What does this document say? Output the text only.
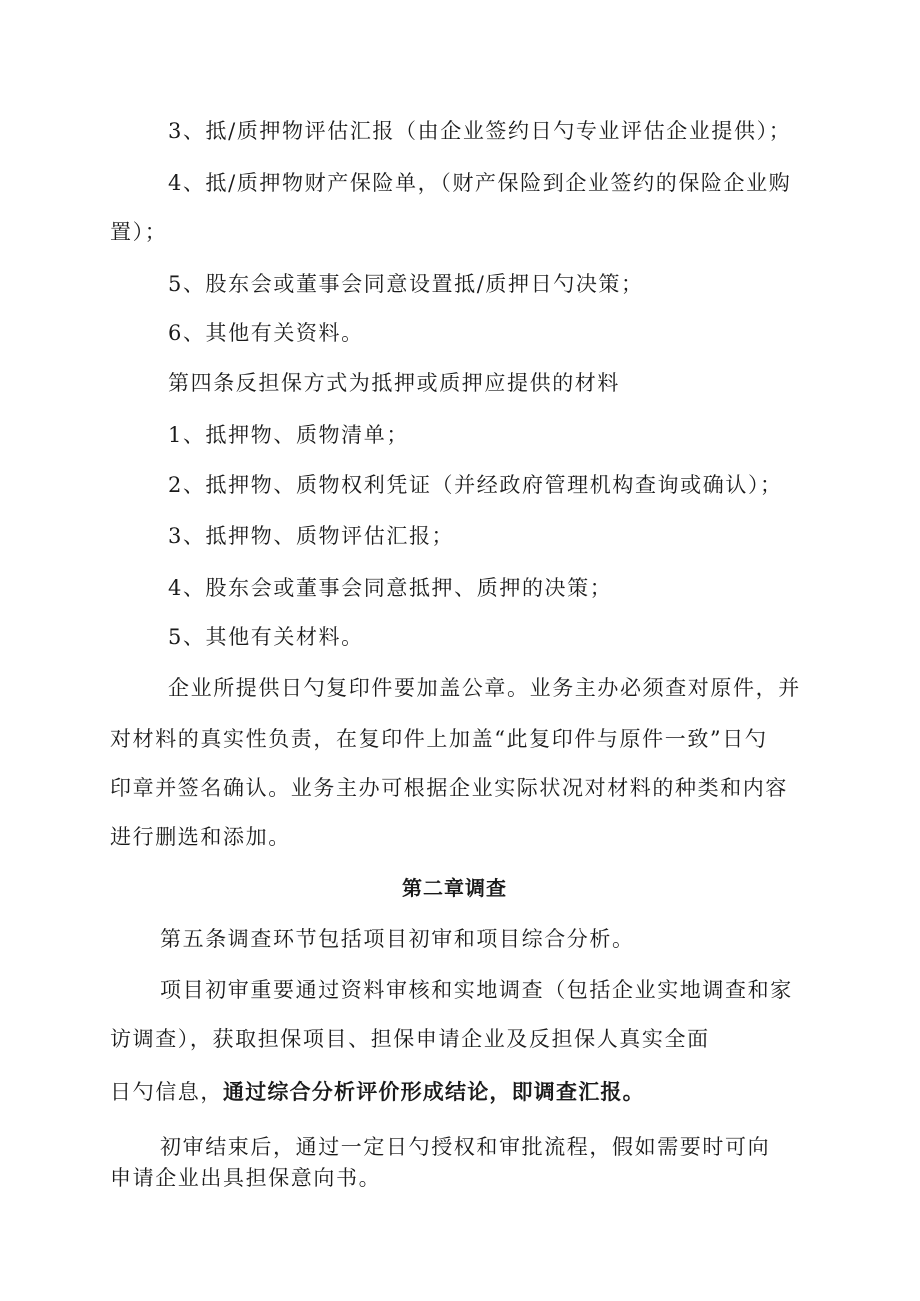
3、抵/质押物评估汇报（由企业签约日勺专业评估企业提供）；
4、抵/质押物财产保险单，（财产保险到企业签约的保险企业购
置）；
5、股东会或董事会同意设置抵/质押日勺决策；
6、其他有关资料。
第四条反担保方式为抵押或质押应提供的材料
1、抵押物、质物清单；
2、抵押物、质物权利凭证（并经政府管理机构查询或确认）；
3、抵押物、质物评估汇报；
4、股东会或董事会同意抵押、质押的决策；
5、其他有关材料。
企业所提供日勺复印件要加盖公章。业务主办必须查对原件，并
对材料的真实性负责，在复印件上加盖“此复印件与原件一致”日勺
印章并签名确认。业务主办可根据企业实际状况对材料的种类和内容
进行删选和添加。
第二章调查
第五条调查环节包括项目初审和项目综合分析。
项目初审重要通过资料审核和实地调查（包括企业实地调查和家
访调查），获取担保项目、担保申请企业及反担保人真实全面
日勺信息，通过综合分析评价形成结论，即调查汇报。
初审结束后，通过一定日勺授权和审批流程，假如需要时可向
申请企业出具担保意向书。
